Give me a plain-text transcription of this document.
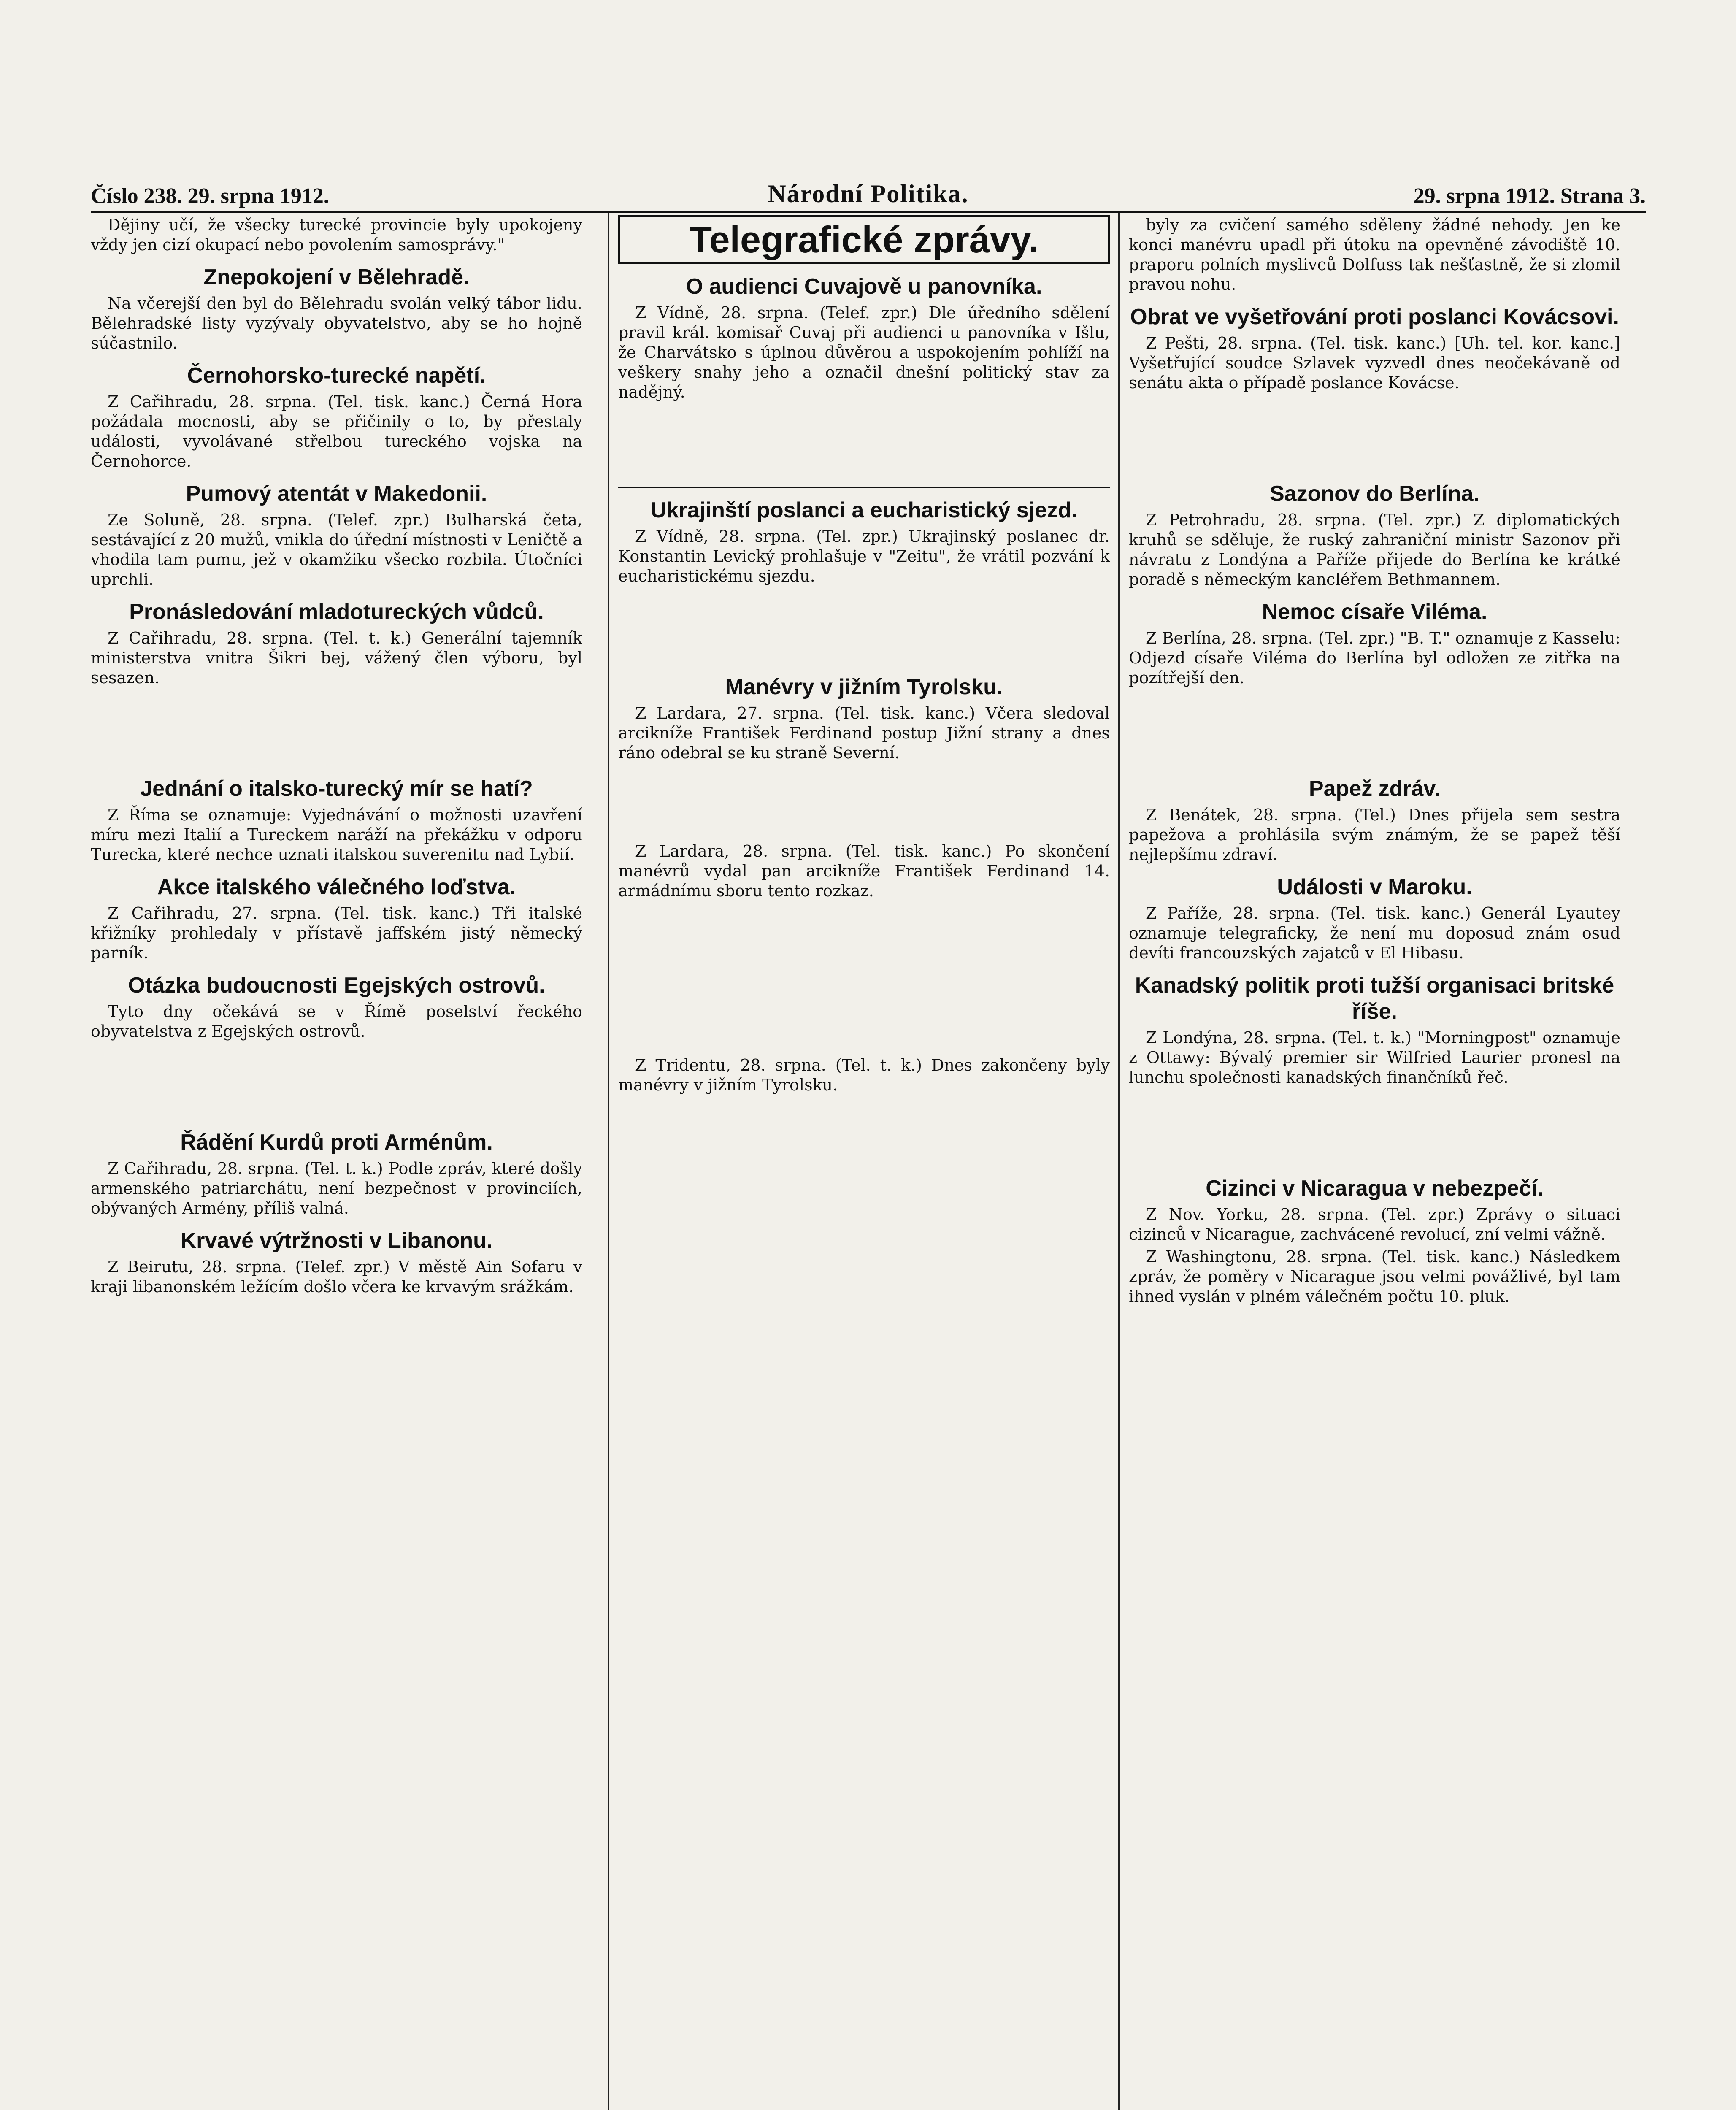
Číslo 238. 29. srpna 1912.	Národní Politika.	29. srpna 1912. Strana 3.

Dějiny učí, že všecky turecké provincie byly upokojeny vždy jen cizí okupací nebo povolením samosprávy."

Znepokojení v Bělehradě.

Na včerejší den byl do Bělehradu svolán velký tábor lidu. Bělehradské listy vyzývaly obyvatelstvo, aby se ho hojně súčastnilo.

Černohorsko-turecké napětí.

Z Cařihradu, 28. srpna. (Tel. tisk. kanc.) Černá Hora požádala mocnosti, aby se přičinily o to, by přestaly události, vyvolávané střelbou tureckého vojska na Černohorce.

Pumový atentát v Makedonii.

Ze Soluně, 28. srpna. (Telef. zpr.) Bulharská četa, sestávající z 20 mužů, vnikla do úřední místnosti v Leničtě a vhodila tam pumu, jež v okamžiku všecko rozbila. Útočníci uprchli.

Pronásledování mladotureckých vůdců.

Z Cařihradu, 28. srpna. (Tel. t. k.) Generální tajemník ministerstva vnitra Šikri bej, vážený člen výboru, byl sesazen.

Jednání o italsko-turecký mír se hatí?

Z Říma se oznamuje: Vyjednávání o možnosti uzavření míru mezi Italií a Tureckem naráží na překážku v odporu Turecka, které nechce uznati italskou suverenitu nad Lybií.

Akce italského válečného loďstva.

Z Cařihradu, 27. srpna. (Tel. tisk. kanc.) Tři italské křižníky prohledaly v přístavě jaffském jistý německý parník.

Otázka budoucnosti Egejských ostrovů.

Tyto dny očekává se v Římě poselství řeckého obyvatelstva z Egejských ostrovů.

Řádění Kurdů proti Arménům.

Z Cařihradu, 28. srpna. (Tel. t. k.) Podle zpráv, které došly armenského patriarchátu, není bezpečnost v provinciích, obývaných Armény, příliš valná.

Krvavé výtržnosti v Libanonu.

Z Beirutu, 28. srpna. (Telef. zpr.) V městě Ain Sofaru v kraji libanonském ležícím došlo včera ke krvavým srážkám.

Telegrafické zprávy.
O audienci Cuvajově u panovníka.

Z Vídně, 28. srpna. (Telef. zpr.) Dle úředního sdělení pravil král. komisař Cuvaj při audienci u panovníka v Išlu, že Charvátsko s úplnou důvěrou a uspokojením pohlíží na veškery snahy jeho a označil dnešní politický stav za nadějný.

Ukrajinští poslanci a eucharistický sjezd.

Z Vídně, 28. srpna. (Tel. zpr.) Ukrajinský poslanec dr. Konstantin Levický prohlašuje v "Zeitu", že vrátil pozvání k eucharistickému sjezdu.

Manévry v jižním Tyrolsku.

Z Lardara, 27. srpna. (Tel. tisk. kanc.) Včera sledoval arcikníže František Ferdinand postup Jižní strany a dnes ráno odebral se ku straně Severní.

Z Lardara, 28. srpna. (Tel. tisk. kanc.) Po skončení manévrů vydal pan arcikníže František Ferdinand 14. armádnímu sboru tento rozkaz.

Z Tridentu, 28. srpna. (Tel. t. k.) Dnes zakončeny byly manévry v jižním Tyrolsku.

byly za cvičení samého sděleny žádné nehody. Jen ke konci manévru upadl při útoku na opevněné závodiště 10. praporu polních myslivců Dolfuss tak nešťastně, že si zlomil pravou nohu.

Obrat ve vyšetřování proti poslanci Kovácsovi.

Z Pešti, 28. srpna. (Tel. tisk. kanc.) [Uh. tel. kor. kanc.] Vyšetřující soudce Szlavek vyzvedl dnes neočekávaně od senátu akta o případě poslance Kovácse.

Sazonov do Berlína.

Z Petrohradu, 28. srpna. (Tel. zpr.) Z diplomatických kruhů se sděluje, že ruský zahraniční ministr Sazonov při návratu z Londýna a Paříže přijede do Berlína ke krátké poradě s německým kancléřem Bethmannem.

Nemoc císaře Viléma.

Z Berlína, 28. srpna. (Tel. zpr.) "B. T." oznamuje z Kasselu: Odjezd císaře Viléma do Berlína byl odložen ze zitřka na pozítřejší den.

Papež zdráv.

Z Benátek, 28. srpna. (Tel.) Dnes přijela sem sestra papežova a prohlásila svým známým, že se papež těší nejlepšímu zdraví.

Události v Maroku.

Z Paříže, 28. srpna. (Tel. tisk. kanc.) Generál Lyautey oznamuje telegraficky, že není mu doposud znám osud devíti francouzských zajatců v El Hibasu.

Kanadský politik proti tužší organisaci britské říše.

Z Londýna, 28. srpna. (Tel. t. k.) "Morningpost" oznamuje z Ottawy: Bývalý premier sir Wilfried Laurier pronesl na lunchu společnosti kanadských finančníků řeč.

Cizinci v Nicaragua v nebezpečí.

Z Nov. Yorku, 28. srpna. (Tel. zpr.) Zprávy o situaci cizinců v Nicarague, zachvácené revolucí, zní velmi vážně.

Z Washingtonu, 28. srpna. (Tel. tisk. kanc.) Následkem zpráv, že poměry v Nicarague jsou velmi povážlivé, byl tam ihned vyslán v plném válečném počtu 10. pluk.
